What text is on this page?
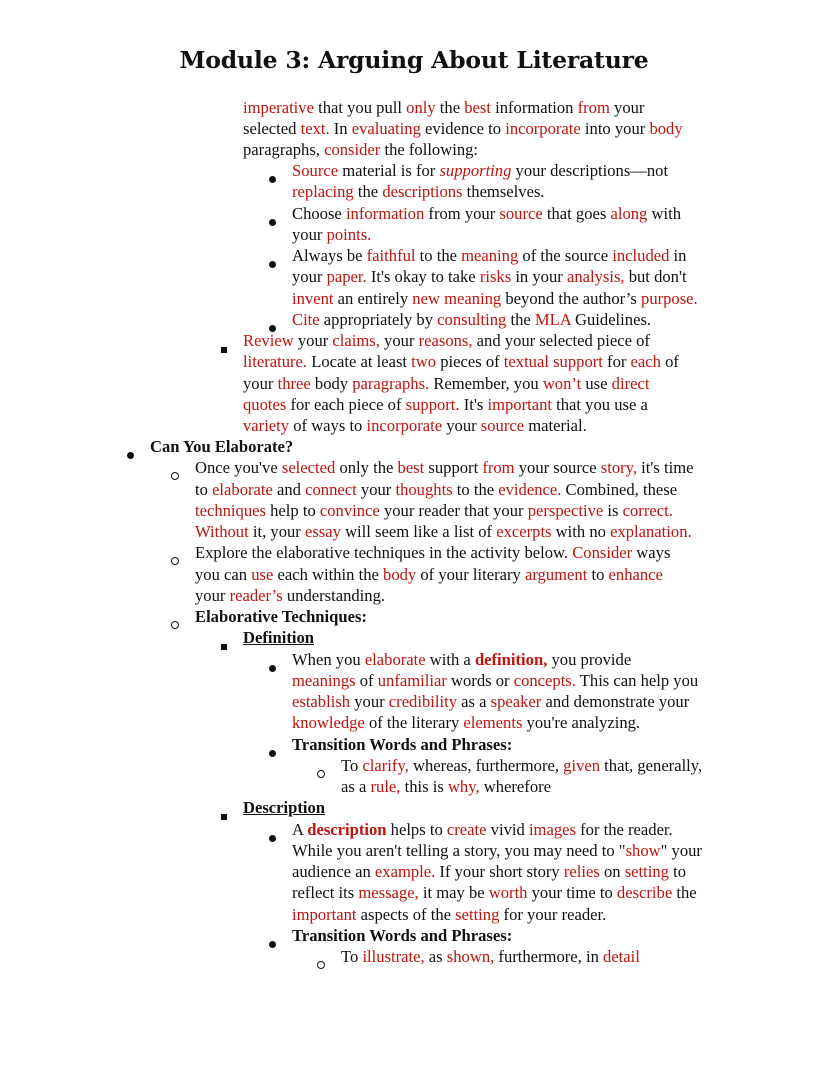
Module 3: Arguing About Literature
imperative that you pull only the best information from your
selected text. In evaluating evidence to incorporate into your body
paragraphs, consider the following:
Source material is for supporting your descriptions—not
replacing the descriptions themselves.
Choose information from your source that goes along with
your points.
Always be faithful to the meaning of the source included in
your paper. It's okay to take risks in your analysis, but don't
invent an entirely new meaning beyond the author’s purpose.
Cite appropriately by consulting the MLA Guidelines.
Review your claims, your reasons, and your selected piece of
literature. Locate at least two pieces of textual support for each of
your three body paragraphs. Remember, you won’t use direct
quotes for each piece of support. It's important that you use a
variety of ways to incorporate your source material.
Can You Elaborate?
Once you've selected only the best support from your source story, it's time
to elaborate and connect your thoughts to the evidence. Combined, these
techniques help to convince your reader that your perspective is correct.
Without it, your essay will seem like a list of excerpts with no explanation.
Explore the elaborative techniques in the activity below. Consider ways
you can use each within the body of your literary argument to enhance
your reader’s understanding.
Elaborative Techniques:
Definition
When you elaborate with a definition, you provide
meanings of unfamiliar words or concepts. This can help you
establish your credibility as a speaker and demonstrate your
knowledge of the literary elements you're analyzing.
Transition Words and Phrases:
To clarify, whereas, furthermore, given that, generally,
as a rule, this is why, wherefore
Description
A description helps to create vivid images for the reader.
While you aren't telling a story, you may need to "show" your
audience an example. If your short story relies on setting to
reflect its message, it may be worth your time to describe the
important aspects of the setting for your reader.
Transition Words and Phrases:
To illustrate, as shown, furthermore, in detail
